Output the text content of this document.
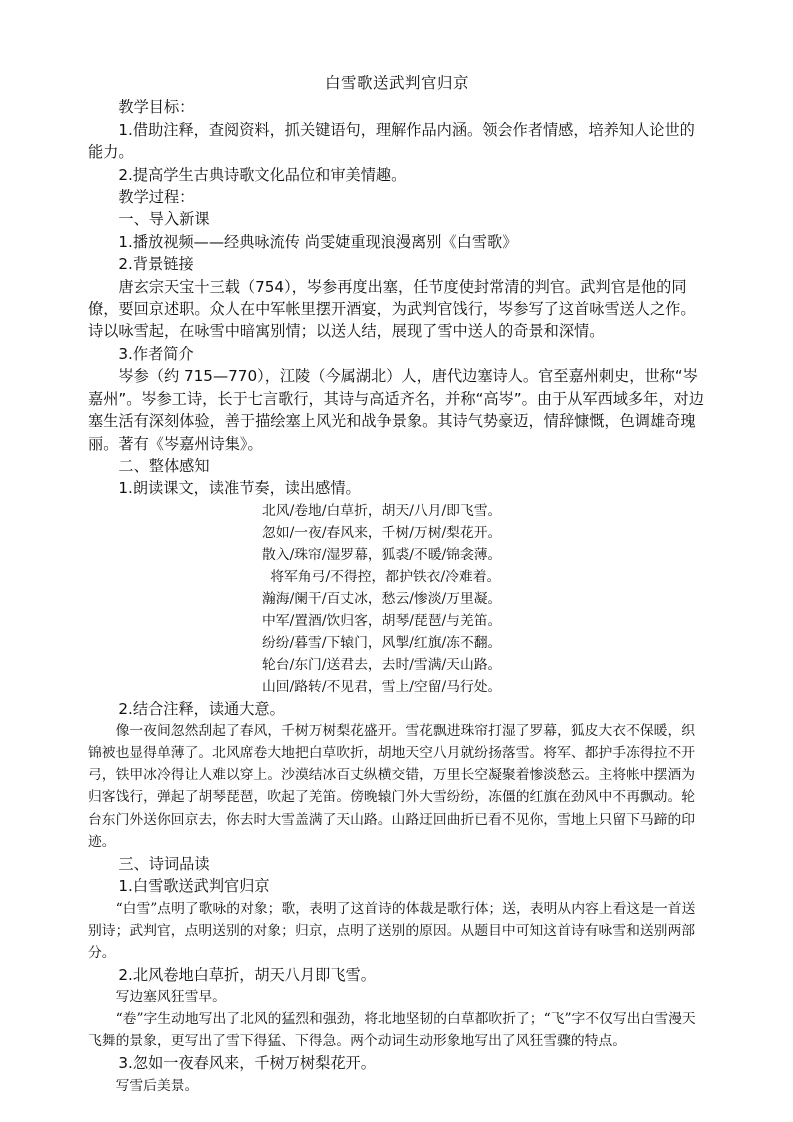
白雪歌送武判官归京

教学目标：

1.借助注释，查阅资料，抓关键语句，理解作品内涵。领会作者情感，培养知人论世的能力。

2.提高学生古典诗歌文化品位和审美情趣。

教学过程：

一、导入新课

1.播放视频——经典咏流传 尚雯婕重现浪漫离别《白雪歌》

2.背景链接

唐玄宗天宝十三载（754），岑参再度出塞，任节度使封常清的判官。武判官是他的同僚，要回京述职。众人在中军帐里摆开酒宴，为武判官饯行，岑参写了这首咏雪送人之作。诗以咏雪起，在咏雪中暗寓别情；以送人结，展现了雪中送人的奇景和深情。

3.作者简介

岑参（约 715—770），江陵（今属湖北）人，唐代边塞诗人。官至嘉州刺史，世称“岑嘉州”。岑参工诗，长于七言歌行，其诗与高适齐名，并称“高岑”。由于从军西域多年，对边塞生活有深刻体验，善于描绘塞上风光和战争景象。其诗气势豪迈，情辞慷慨，色调雄奇瑰丽。著有《岑嘉州诗集》。

二、整体感知

1.朗读课文，读准节奏，读出感情。

北风/卷地/白草折，胡天/八月/即飞雪。
忽如/一夜/春风来，千树/万树/梨花开。
散入/珠帘/湿罗幕，狐裘/不暖/锦衾薄。
将军角弓/不得控，都护铁衣/冷难着。
瀚海/阑干/百丈冰，愁云/惨淡/万里凝。
中军/置酒/饮归客，胡琴/琵琶/与羌笛。
纷纷/暮雪/下辕门，风掣/红旗/冻不翻。
轮台/东门/送君去，去时/雪满/天山路。
山回/路转/不见君，雪上/空留/马行处。

2.结合注释，读通大意。

像一夜间忽然刮起了春风，千树万树梨花盛开。雪花飘进珠帘打湿了罗幕，狐皮大衣不保暖，织锦被也显得单薄了。北风席卷大地把白草吹折，胡地天空八月就纷扬落雪。将军、都护手冻得拉不开弓，铁甲冰冷得让人难以穿上。沙漠结冰百丈纵横交错，万里长空凝聚着惨淡愁云。主将帐中摆酒为归客饯行，弹起了胡琴琵琶，吹起了羌笛。傍晚辕门外大雪纷纷，冻僵的红旗在劲风中不再飘动。轮台东门外送你回京去，你去时大雪盖满了天山路。山路迂回曲折已看不见你，雪地上只留下马蹄的印迹。

三、诗词品读

1.白雪歌送武判官归京

“白雪”点明了歌咏的对象；歌，表明了这首诗的体裁是歌行体；送，表明从内容上看这是一首送别诗；武判官，点明送别的对象；归京，点明了送别的原因。从题目中可知这首诗有咏雪和送别两部分。

2.北风卷地白草折，胡天八月即飞雪。

写边塞风狂雪早。

“卷”字生动地写出了北风的猛烈和强劲，将北地坚韧的白草都吹折了；“飞”字不仅写出白雪漫天飞舞的景象，更写出了雪下得猛、下得急。两个动词生动形象地写出了风狂雪骤的特点。

3.忽如一夜春风来，千树万树梨花开。

写雪后美景。
